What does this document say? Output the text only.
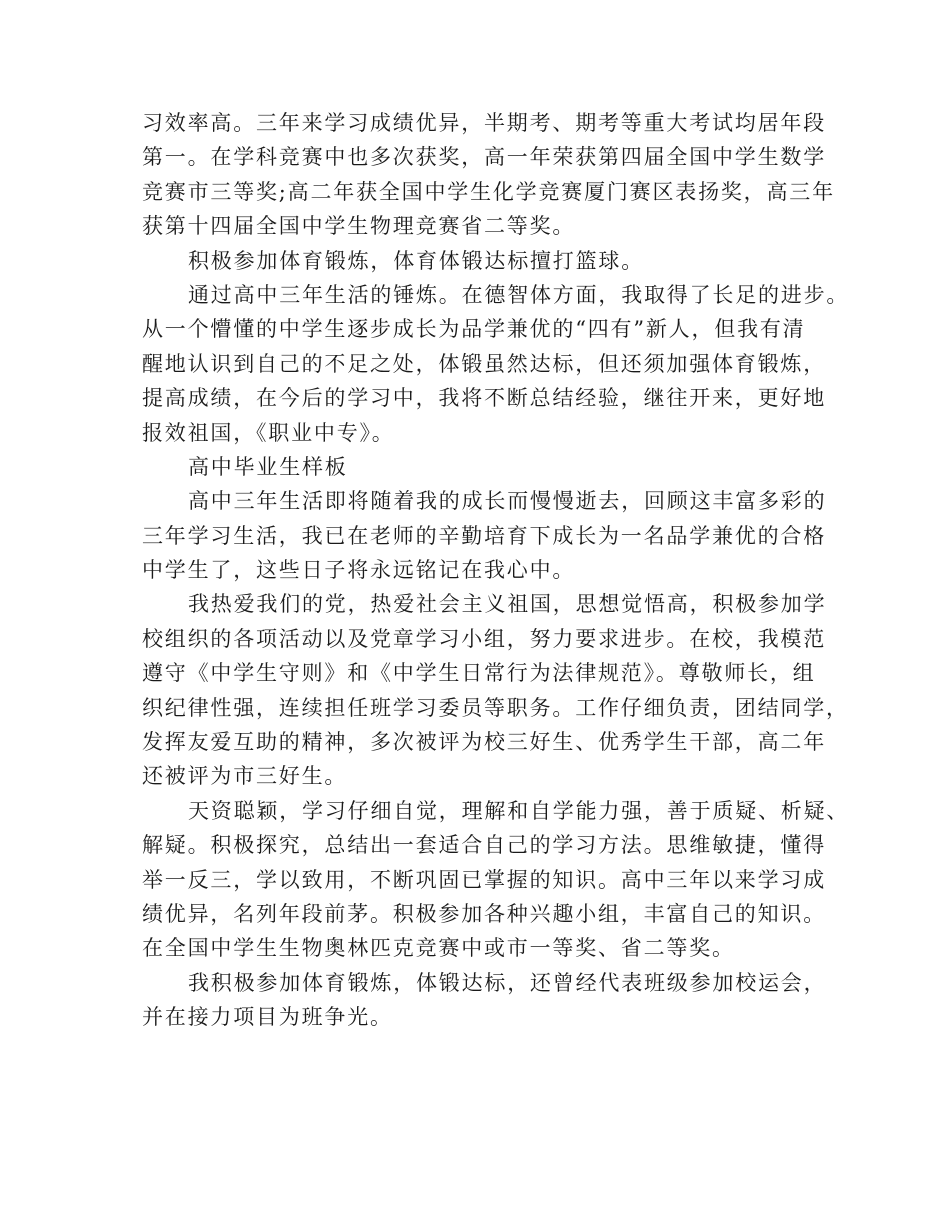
习效率高。三年来学习成绩优异，半期考、期考等重大考试均居年段
第一。在学科竞赛中也多次获奖，高一年荣获第四届全国中学生数学
竞赛市三等奖;高二年获全国中学生化学竞赛厦门赛区表扬奖，高三年
获第十四届全国中学生物理竞赛省二等奖。
积极参加体育锻炼，体育体锻达标擅打篮球。
通过高中三年生活的锤炼。在德智体方面，我取得了长足的进步。
从一个懵懂的中学生逐步成长为品学兼优的“四有”新人，但我有清
醒地认识到自己的不足之处，体锻虽然达标，但还须加强体育锻炼，
提高成绩，在今后的学习中，我将不断总结经验，继往开来，更好地
报效祖国，《职业中专》。
高中毕业生样板
高中三年生活即将随着我的成长而慢慢逝去，回顾这丰富多彩的
三年学习生活，我已在老师的辛勤培育下成长为一名品学兼优的合格
中学生了，这些日子将永远铭记在我心中。
我热爱我们的党，热爱社会主义祖国，思想觉悟高，积极参加学
校组织的各项活动以及党章学习小组，努力要求进步。在校，我模范
遵守《中学生守则》和《中学生日常行为法律规范》。尊敬师长，组
织纪律性强，连续担任班学习委员等职务。工作仔细负责，团结同学，
发挥友爱互助的精神，多次被评为校三好生、优秀学生干部，高二年
还被评为市三好生。
天资聪颖，学习仔细自觉，理解和自学能力强，善于质疑、析疑、
解疑。积极探究，总结出一套适合自己的学习方法。思维敏捷，懂得
举一反三，学以致用，不断巩固已掌握的知识。高中三年以来学习成
绩优异，名列年段前茅。积极参加各种兴趣小组，丰富自己的知识。
在全国中学生生物奥林匹克竞赛中或市一等奖、省二等奖。
我积极参加体育锻炼，体锻达标，还曾经代表班级参加校运会，
并在接力项目为班争光。
